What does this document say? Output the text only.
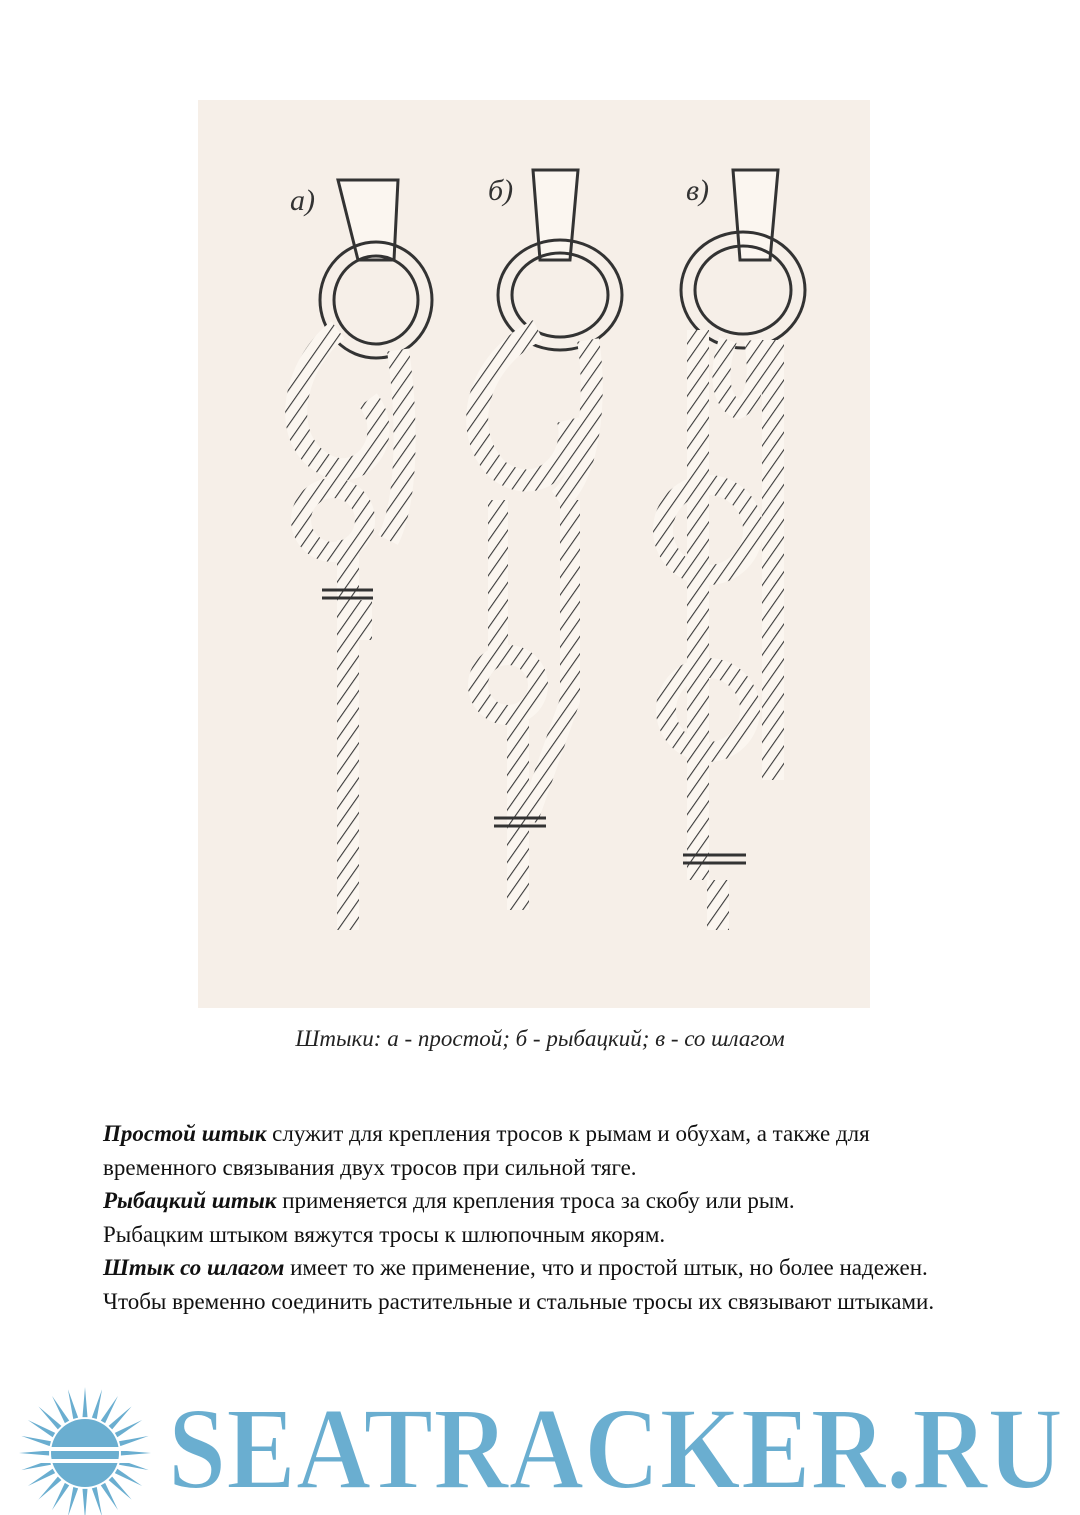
а)	б)	в)
Штыки: а - простой; б - рыбацкий; в - со шлагом

Простой штык служит для крепления тросов к рымам и обухам, а также для временного связывания двух тросов при сильной тяге.

Рыбацкий штык применяется для крепления троса за скобу или рым.

Рыбацким штыком вяжутся тросы к шлюпочным якорям.

Штык со шлагом имеет то же применение, что и простой штык, но более надежен.

Чтобы временно соединить растительные и стальные тросы их связывают штыками.

SEATRACKER.RU
